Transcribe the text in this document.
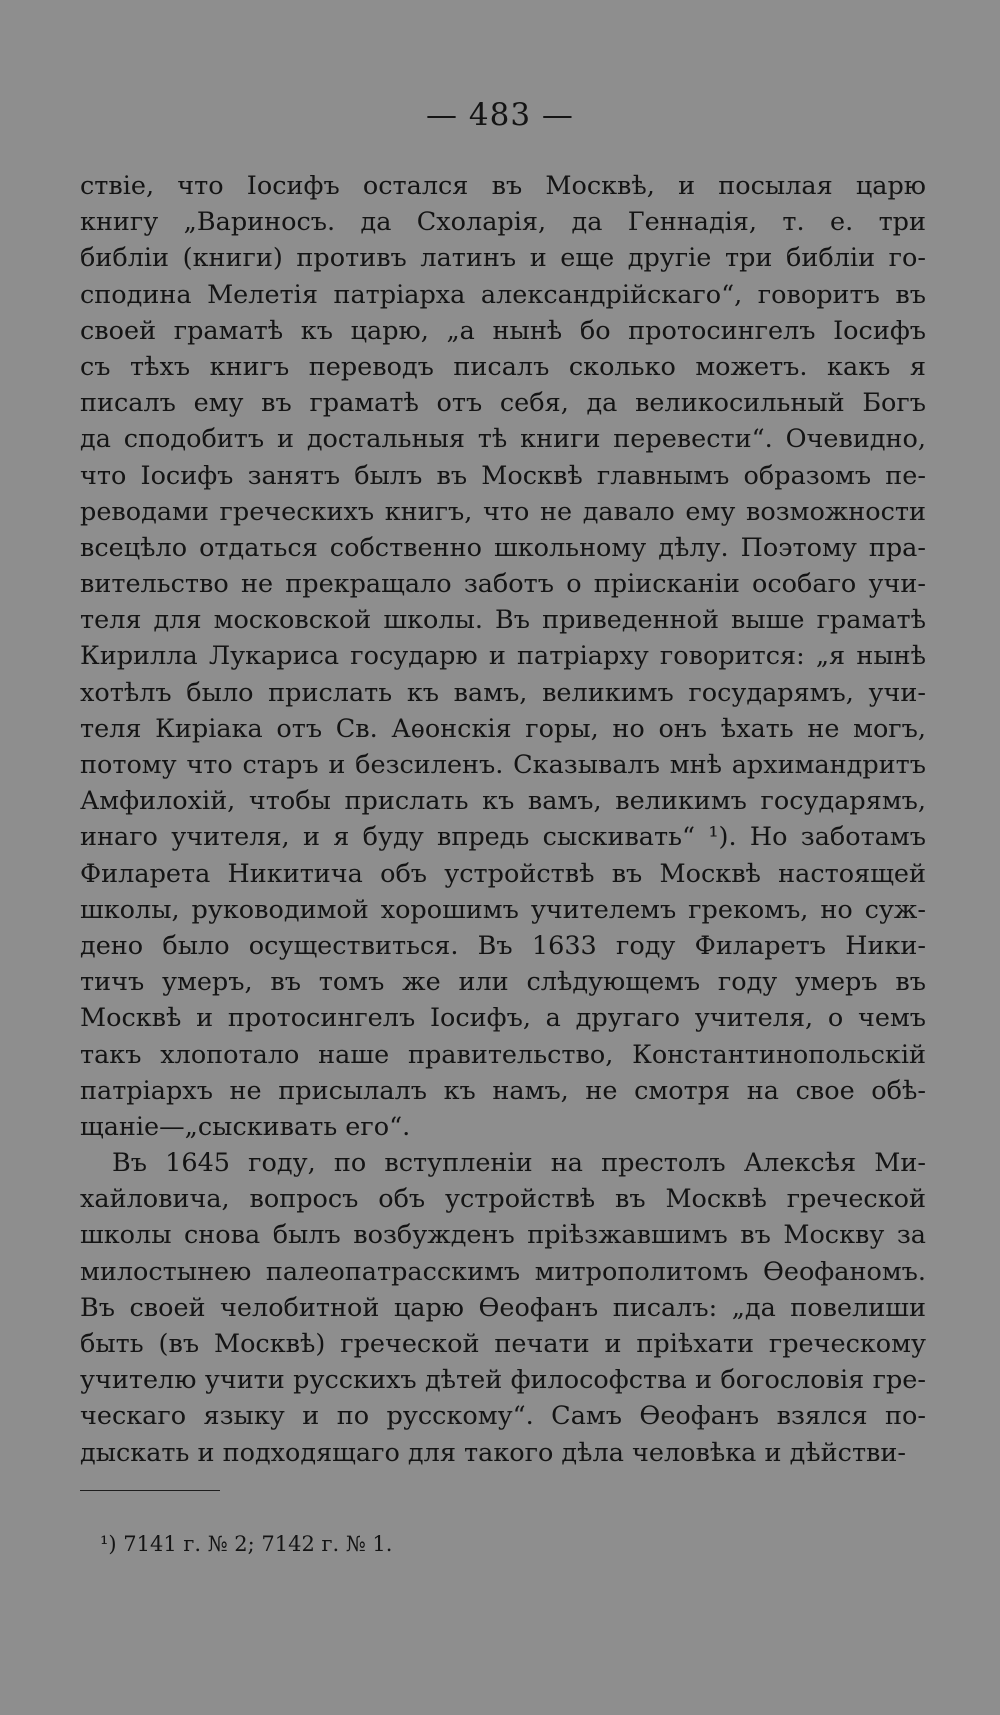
— 483 —
ствіе, что Іосифъ остался въ Москвѣ, и посылая царю
книгу „Вариносъ. да Схоларія, да Геннадія, т. е. три
библіи (книги) противъ латинъ и еще другіе три библіи го-
сподина Мелетія патріарха александрійскаго“, говоритъ въ
своей граматѣ къ царю, „а нынѣ бо протосингелъ Іосифъ
съ тѣхъ книгъ переводъ писалъ сколько можетъ. какъ я
писалъ ему въ граматѣ отъ себя, да великосильный Богъ
да сподобитъ и достальныя тѣ книги перевести“. Очевидно,
что Іосифъ занятъ былъ въ Москвѣ главнымъ образомъ пе-
реводами греческихъ книгъ, что не давало ему возможности
всецѣло отдаться собственно школьному дѣлу. Поэтому пра-
вительство не прекращало заботъ о пріисканіи особаго учи-
теля для московской школы. Въ приведенной выше граматѣ
Кирилла Лукариса государю и патріарху говорится: „я нынѣ
хотѣлъ было прислать къ вамъ, великимъ государямъ, учи-
теля Киріака отъ Св. Аѳонскія горы, но онъ ѣхать не могъ,
потому что старъ и безсиленъ. Сказывалъ мнѣ архимандритъ
Амфилохій, чтобы прислать къ вамъ, великимъ государямъ,
инаго учителя, и я буду впредь сыскивать“ ¹). Но заботамъ
Филарета Никитича объ устройствѣ въ Москвѣ настоящей
школы, руководимой хорошимъ учителемъ грекомъ, но суж-
дено было осуществиться. Въ 1633 году Филаретъ Ники-
тичъ умеръ, въ томъ же или слѣдующемъ году умеръ въ
Москвѣ и протосингелъ Іосифъ, а другаго учителя, о чемъ
такъ хлопотало наше правительство, Константинопольскій
патріархъ не присылалъ къ намъ, не смотря на свое обѣ-
щаніе—„сыскивать его“.
Въ 1645 году, по вступленіи на престолъ Алексѣя Ми-
хайловича, вопросъ объ устройствѣ въ Москвѣ греческой
школы снова былъ возбужденъ пріѣзжавшимъ въ Москву за
милостынею палеопатрасскимъ митрополитомъ Ѳеофаномъ.
Въ своей челобитной царю Ѳеофанъ писалъ: „да повелиши
быть (въ Москвѣ) греческой печати и пріѣхати греческому
учителю учити русскихъ дѣтей философства и богословія гре-
ческаго языку и по русскому“. Самъ Ѳеофанъ взялся по-
дыскать и подходящаго для такого дѣла человѣка и дѣйстви-
¹) 7141 г. № 2; 7142 г. № 1.
